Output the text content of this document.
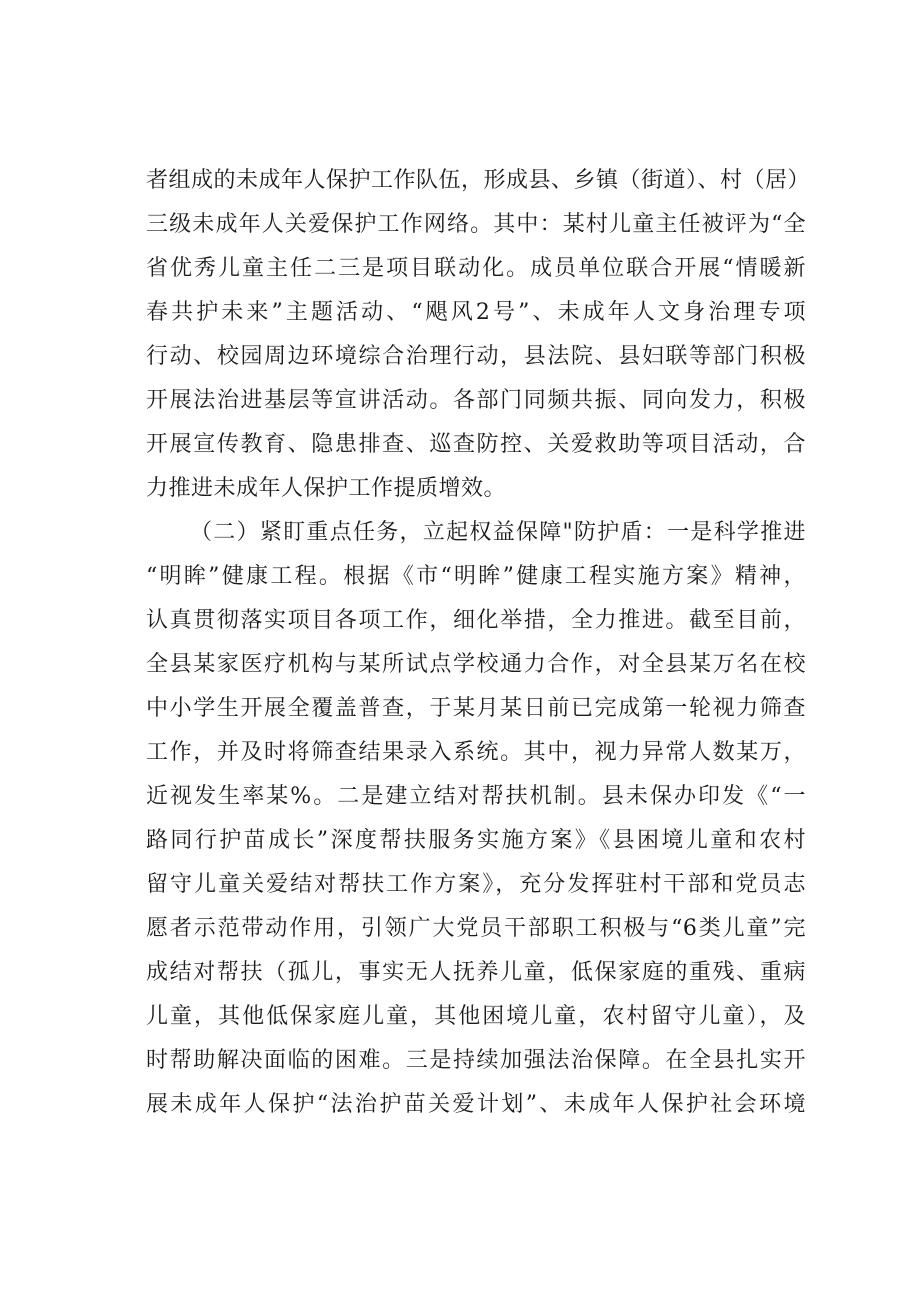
者组成的未成年人保护工作队伍，形成县、乡镇（街道）、村（居）
三级未成年人关爱保护工作网络。其中：某村儿童主任被评为“全
省优秀儿童主任二三是项目联动化。成员单位联合开展“情暖新
春共护未来”主题活动、“飓风2号”、未成年人文身治理专项
行动、校园周边环境综合治理行动，县法院、县妇联等部门积极
开展法治进基层等宣讲活动。各部门同频共振、同向发力，积极
开展宣传教育、隐患排查、巡查防控、关爱救助等项目活动，合
力推进未成年人保护工作提质增效。
（二）紧盯重点任务，立起权益保障"防护盾：一是科学推进
“明眸”健康工程。根据《市“明眸”健康工程实施方案》精神，
认真贯彻落实项目各项工作，细化举措，全力推进。截至目前，
全县某家医疗机构与某所试点学校通力合作，对全县某万名在校
中小学生开展全覆盖普查，于某月某日前已完成第一轮视力筛查
工作，并及时将筛查结果录入系统。其中，视力异常人数某万，
近视发生率某%。二是建立结对帮扶机制。县未保办印发《“一
路同行护苗成长”深度帮扶服务实施方案》《县困境儿童和农村
留守儿童关爱结对帮扶工作方案》，充分发挥驻村干部和党员志
愿者示范带动作用，引领广大党员干部职工积极与“6类儿童”完
成结对帮扶（孤儿，事实无人抚养儿童，低保家庭的重残、重病
儿童，其他低保家庭儿童，其他困境儿童，农村留守儿童），及
时帮助解决面临的困难。三是持续加强法治保障。在全县扎实开
展未成年人保护“法治护苗关爱计划”、未成年人保护社会环境
